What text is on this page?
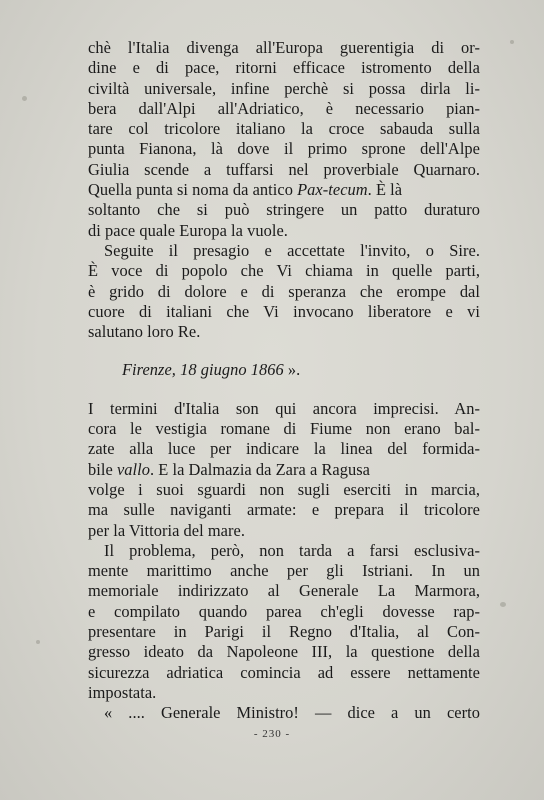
chè l'Italia divenga all'Europa guerentigia di or-
dine e di pace, ritorni efficace istromento della
civiltà universale, infine perchè si possa dirla li-
bera dall'Alpi all'Adriatico, è necessario pian-
tare col tricolore italiano la croce sabauda sulla
punta Fianona, là dove il primo sprone dell'Alpe
Giulia scende a tuffarsi nel proverbiale Quarnaro.
Quella punta si noma da antico Pax-tecum. È là
soltanto che si può stringere un patto duraturo
di pace quale Europa la vuole.
Seguite il presagio e accettate l'invito, o Sire.
È voce di popolo che Vi chiama in quelle parti,
è grido di dolore e di speranza che erompe dal
cuore di italiani che Vi invocano liberatore e vi
salutano loro Re.
Firenze, 18 giugno 1866 ».
I termini d'Italia son qui ancora imprecisi. An-
cora le vestigia romane di Fiume non erano bal-
zate alla luce per indicare la linea del formida-
bile vallo. E la Dalmazia da Zara a Ragusa
volge i suoi sguardi non sugli eserciti in marcia,
ma sulle naviganti armate: e prepara il tricolore
per la Vittoria del mare.
Il problema, però, non tarda a farsi esclusiva-
mente marittimo anche per gli Istriani. In un
memoriale indirizzato al Generale La Marmora,
e compilato quando parea ch'egli dovesse rap-
presentare in Parigi il Regno d'Italia, al Con-
gresso ideato da Napoleone III, la questione della
sicurezza adriatica comincia ad essere nettamente
impostata.
« .... Generale Ministro! — dice a un certo
- 230 -
